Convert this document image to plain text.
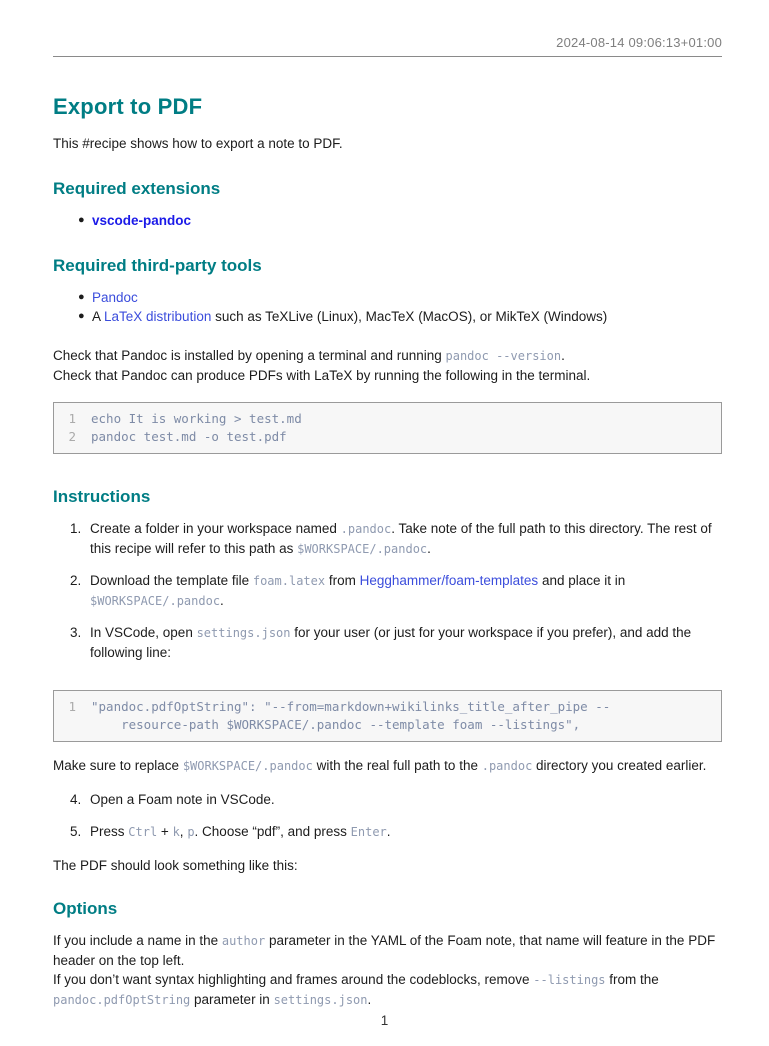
2024-08-14 09:06:13+01:00
Export to PDF

This #recipe shows how to export a note to PDF.

Required extensions
● vscode-pandoc
Required third-party tools
● Pandoc
● A LaTeX distribution such as TeXLive (Linux), MacTeX (MacOS), or MikTeX (Windows)

Check that Pandoc is installed by opening a terminal and running pandoc --version.

Check that Pandoc can produce PDFs with LaTeX by running the following in the terminal.

1	echo It is working > test.md
2	pandoc test.md -o test.pdf
Instructions
1. Create a folder in your workspace named .pandoc. Take note of the full path to this directory. The rest of this recipe will refer to this path as $WORKSPACE/.pandoc.
2. Download the template file foam.latex from Hegghammer/foam-templates and place it in $WORKSPACE/.pandoc.
3. In VSCode, open settings.json for your user (or just for your workspace if you prefer), and add the following line:
1	"pandoc.pdfOptString": "--from=markdown+wikilinks_title_after_pipe --
resource-path $WORKSPACE/.pandoc --template foam --listings",

Make sure to replace $WORKSPACE/.pandoc with the real full path to the .pandoc directory you created earlier.

4. Open a Foam note in VSCode.
5. Press Ctrl + k, p. Choose “pdf”, and press Enter.

The PDF should look something like this:

Options

If you include a name in the author parameter in the YAML of the Foam note, that name will feature in the PDF header on the top left.

If you don’t want syntax highlighting and frames around the codeblocks, remove --listings from the pandoc.pdfOptString parameter in settings.json.

1
